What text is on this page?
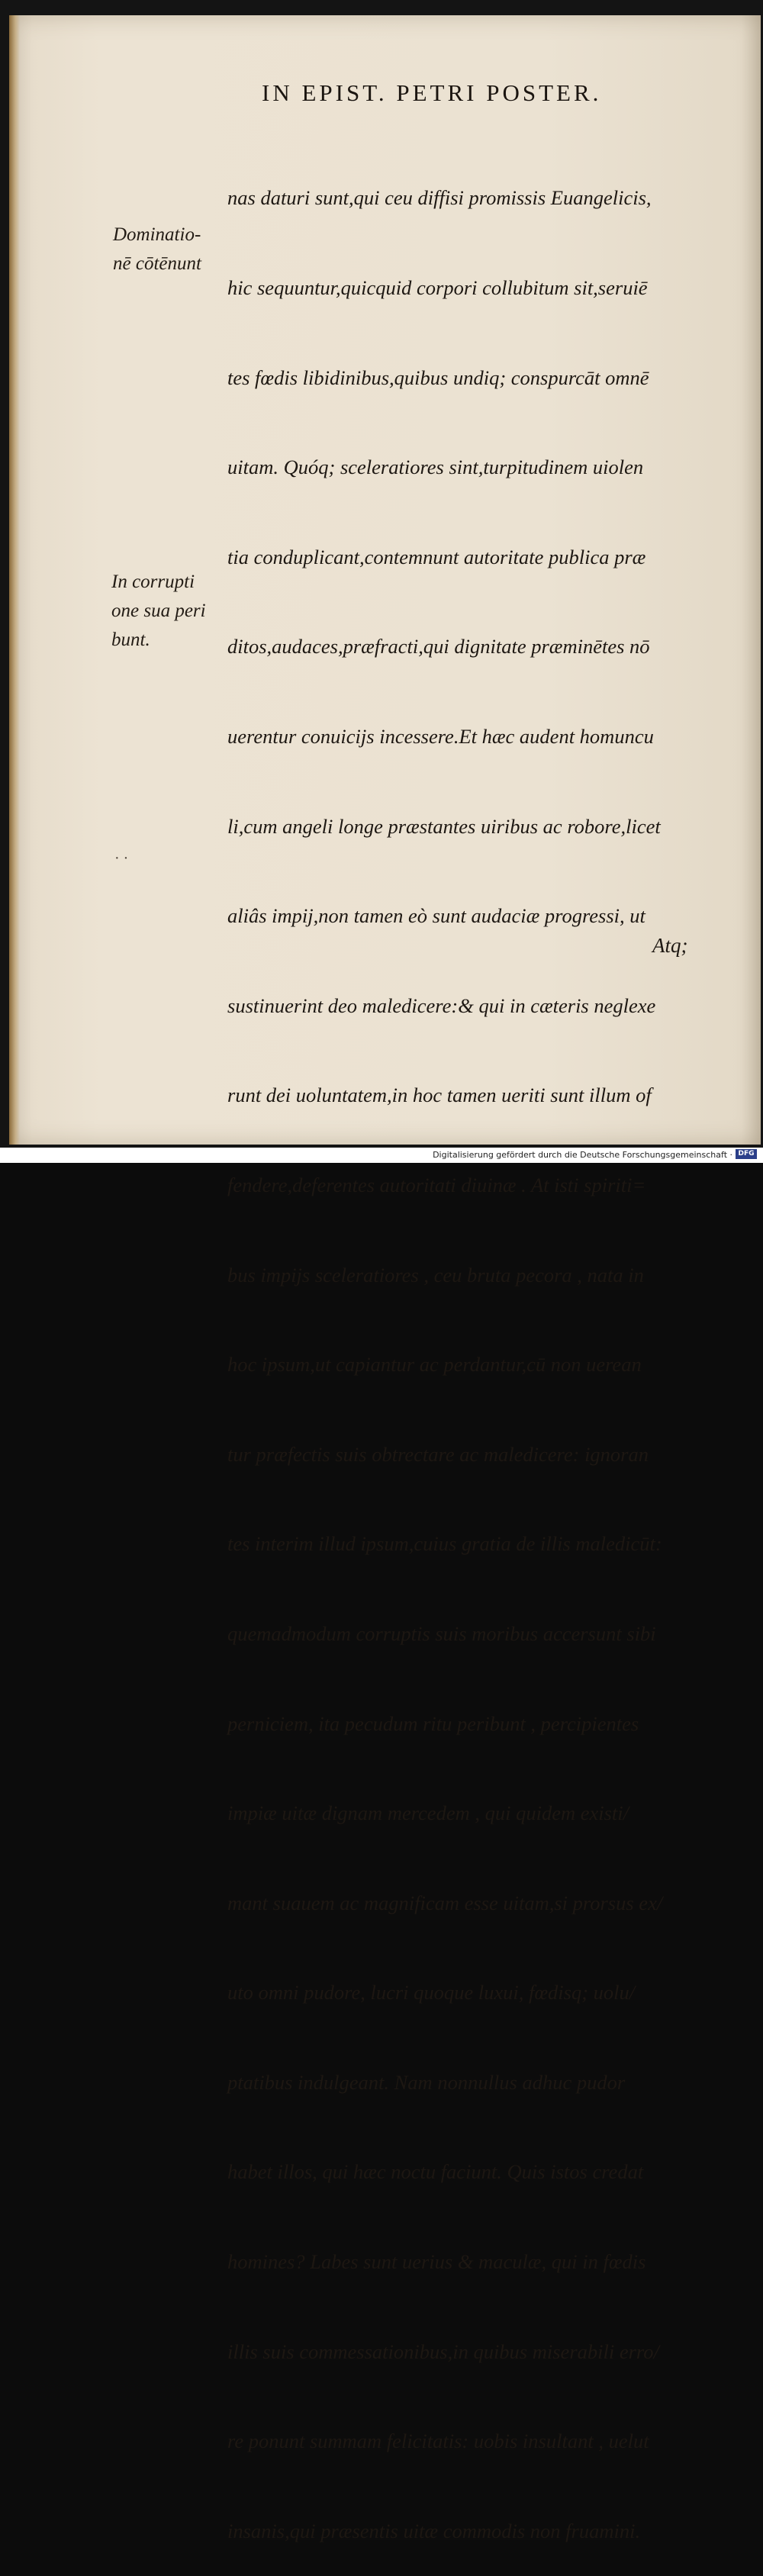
IN EPIST. PETRI POSTER.

nas daturi sunt,qui ceu diffisi promissis Euangelicis,

hic sequuntur,quicquid corpori collubitum sit,seruiē

tes fœdis libidinibus,quibus undiq; conspurcāt omnē

uitam. Quóq; sceleratiores sint,turpitudinem uiolen

tia conduplicant,contemnunt autoritate publica præ

ditos,audaces,præfracti,qui dignitate præminētes nō

uerentur conuicijs incessere.Et hæc audent homuncu

li,cum angeli longe præstantes uiribus ac robore,licet

aliâs impij,non tamen eò sunt audaciæ progressi, ut

sustinuerint deo maledicere:& qui in cæteris neglexe

runt dei uoluntatem,in hoc tamen ueriti sunt illum of

fendere,deferentes autoritati diuinæ . At isti spiriti=

bus impijs sceleratiores , ceu bruta pecora , nata in

hoc ipsum,ut capiantur ac perdantur,cū non uerean

tur præfectis suis obtrectare ac maledicere: ignoran

tes interim illud ipsum,cuius gratia de illis maledicūt:

quemadmodum corruptis suis moribus accersunt sibi

perniciem, ita pecudum ritu peribunt , percipientes

impiæ uitæ dignam mercedem , qui quidem existi/

mant suauem ac magnificam esse uitam,si prorsus ex/

uto omni pudore, lucri quoque luxui, fœdisq; uolu/

ptatibus indulgeant. Nam nonnullus adhuc pudor

habet illos, qui hæc noctu faciunt. Quis istos credat

homines? Labes sunt uerius & maculæ, qui in fœdis

illis suis commessationibus,in quibus miserabili erro/

re ponunt summam felicitatis: uobis insultant , uelut

insanis,qui præsentis uitæ commodis non fruamini.

Dominatio-
nē cōtēnunt
In corrupti
one sua peri
bunt.
· ·
Atq;
Digitalisierung gefördert durch die Deutsche Forschungsgemeinschaft · DFG
